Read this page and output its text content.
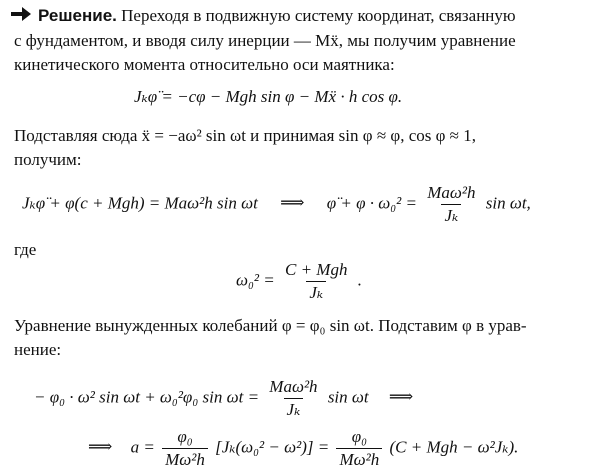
Решение. Переходя в подвижную систему координат, связанную
с фундаментом, и вводя силу инерции — Mẍ, мы получим уравнение
кинетического момента относительно оси маятника:
Jₖφ̈ = −cφ − Mgh sin φ − Mẍ · h cos φ.
Подставляя сюда ẍ = −aω² sin ωt и принимая sin φ ≈ φ, cos φ ≈ 1,
получим:
Jₖφ̈ + φ(c + Mgh) = Maω²h sin ωt ⟹ φ̈ + $\varphi \cdot \omega_0^2 = \frac{\text{Maω²h}}{\text{Jₖ}}$ sin ωt,
где
$\omega_0^2 = \frac{\text{C + Mgh}}{\text{Jₖ}}$ .
Уравнение вынужденных колебаний φ = φ₀ sin ωt. Подставим φ в урав-
нение:
− φ₀ · ω² sin ωt + ω₀²φ₀ $\sin \omega t = \frac{\text{Maω²h}}{\text{Jₖ}}$ sin ωt ⟹
⟹ $a = \frac{\text{φ₀}}{\text{Mω²h}} [J_k(\omega_0^2 - \omega^2)] = \frac{\text{φ₀}}{\text{Mω²h}} (C$ + Mgh − ω²Jₖ).
